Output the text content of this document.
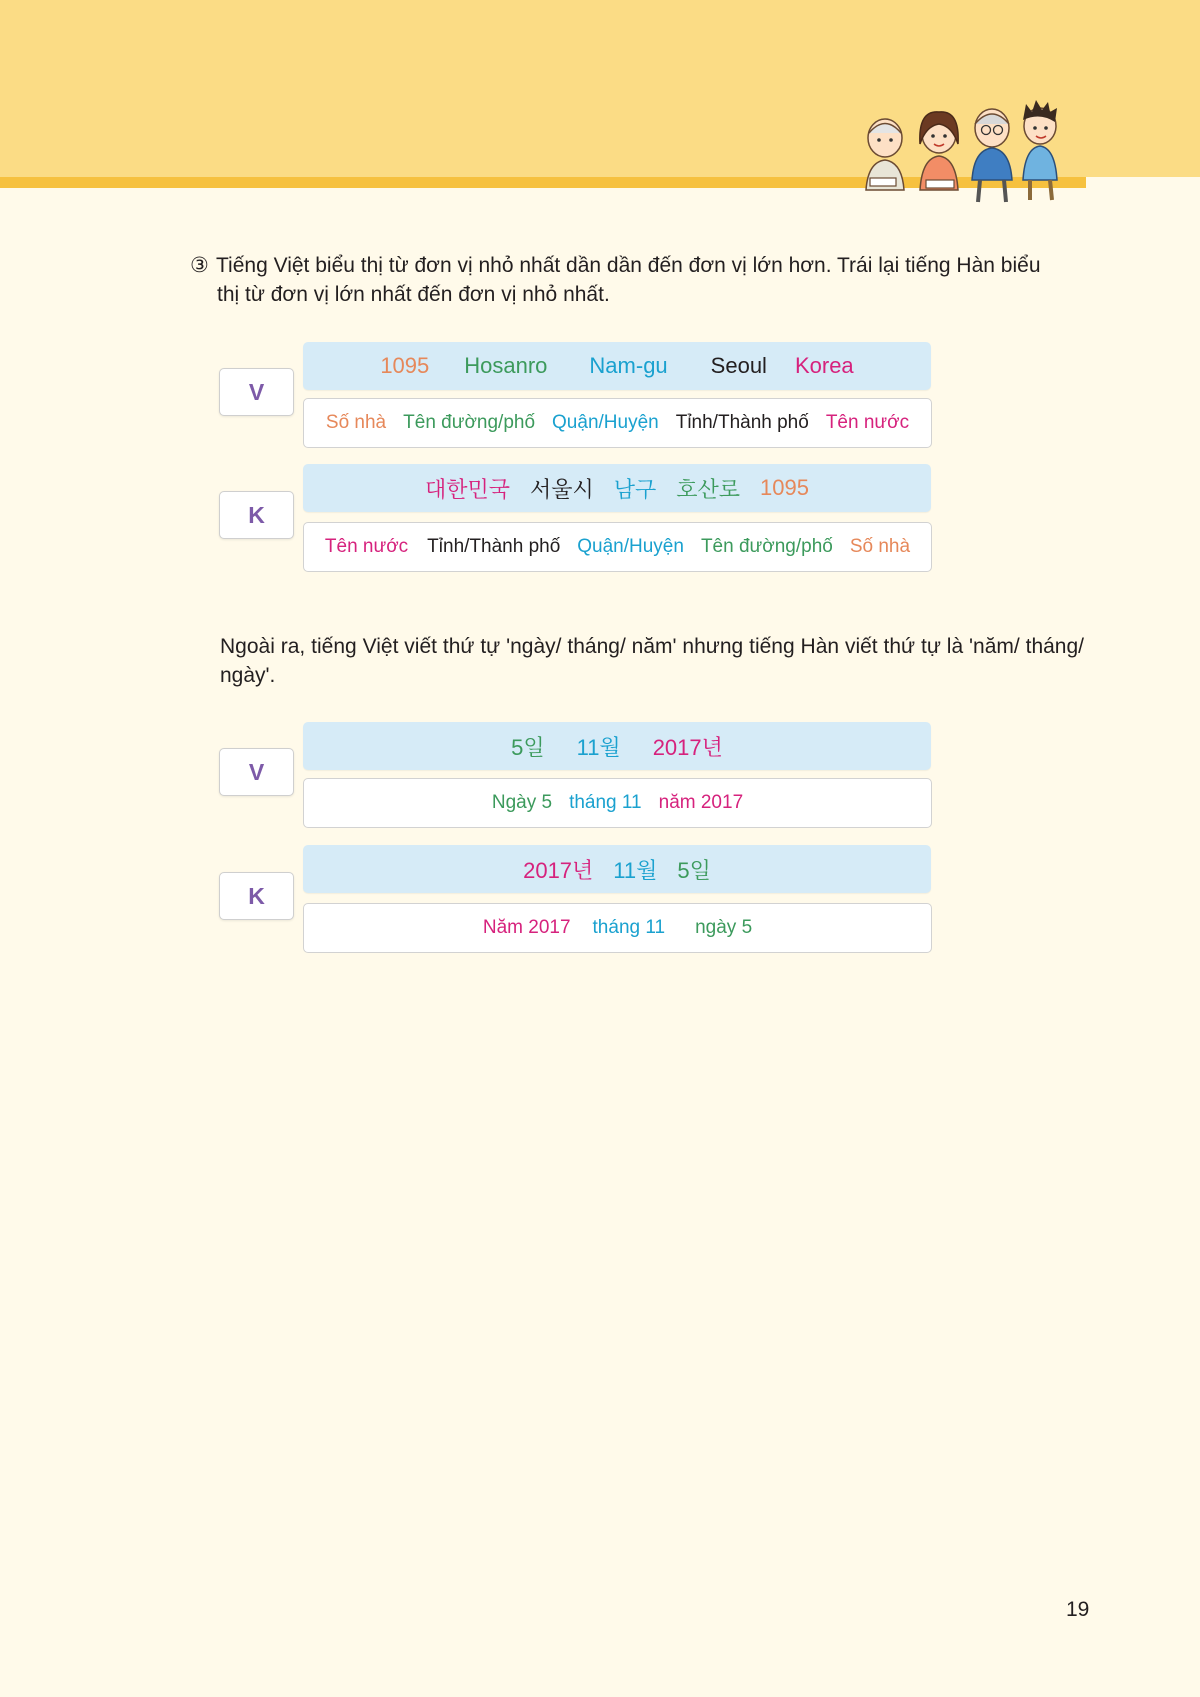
③ Tiếng Việt biểu thị từ đơn vị nhỏ nhất dần dần đến đơn vị lớn hơn. Trái lại tiếng Hàn biểu
thị từ đơn vị lớn nhất đến đơn vị nhỏ nhất.
V
1095 Hosanro Nam-gu Seoul Korea
Số nhà Tên đường/phố Quận/Huyện Tỉnh/Thành phố Tên nước
K
대한민국 서울시 남구 호산로 1095
Tên nước Tỉnh/Thành phố Quận/Huyện Tên đường/phố Số nhà
Ngoài ra, tiếng Việt viết thứ tự 'ngày/ tháng/ năm' nhưng tiếng Hàn viết thứ tự là 'năm/ tháng/ ngày'.
V
5일 11월 2017년
Ngày 5 tháng 11 năm 2017
K
2017년 11월 5일
Năm 2017 tháng 11 ngày 5
19
